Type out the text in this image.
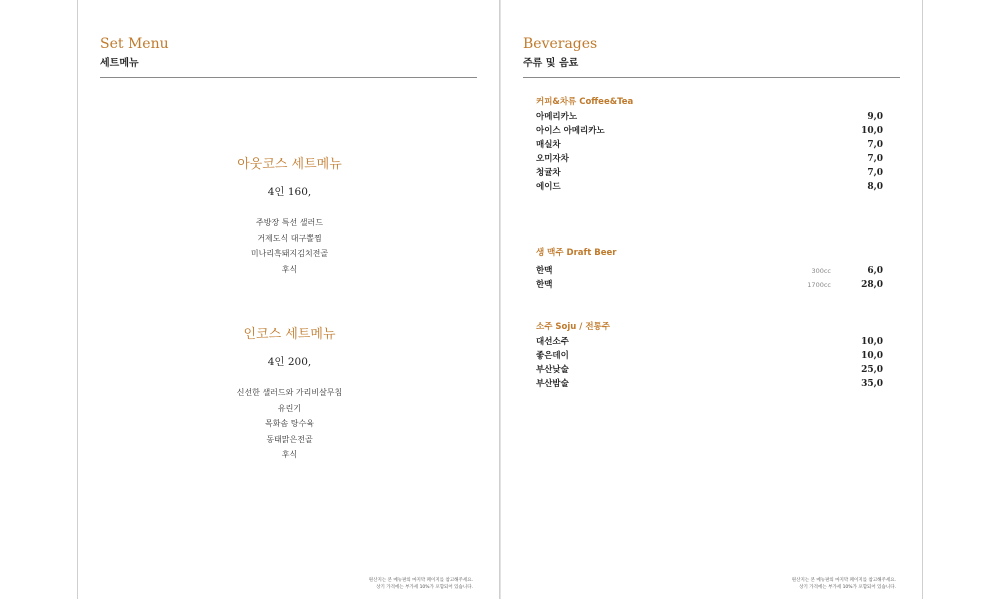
Set Menu
세트메뉴
아웃코스 세트메뉴
4인 160,
주방장 특선 샐러드
거제도식 대구뽈찜
미나리흑돼지김치전골
후식
인코스 세트메뉴
4인 200,
신선한 샐러드와 가리비살무침
유린기
목화솜 탕수육
동태맑은전골
후식
원산지는 본 메뉴판의 마지막 페이지를 참고해주세요.
상기 가격에는 부가세 10%가 포함되어 있습니다.
Beverages
주류 및 음료
커피&차류 Coffee&Tea
아메리카노	9,0
아이스 아메리카노	10,0
매실차	7,0
오미자차	7,0
청귤차	7,0
에이드	8,0
생 맥주 Draft Beer
한맥	300cc	6,0
한맥	1700cc	28,0
소주 Soju / 전통주
대선소주	10,0
좋은데이	10,0
부산낮술	25,0
부산밤술	35,0
원산지는 본 메뉴판의 마지막 페이지를 참고해주세요.
상기 가격에는 부가세 10%가 포함되어 있습니다.
